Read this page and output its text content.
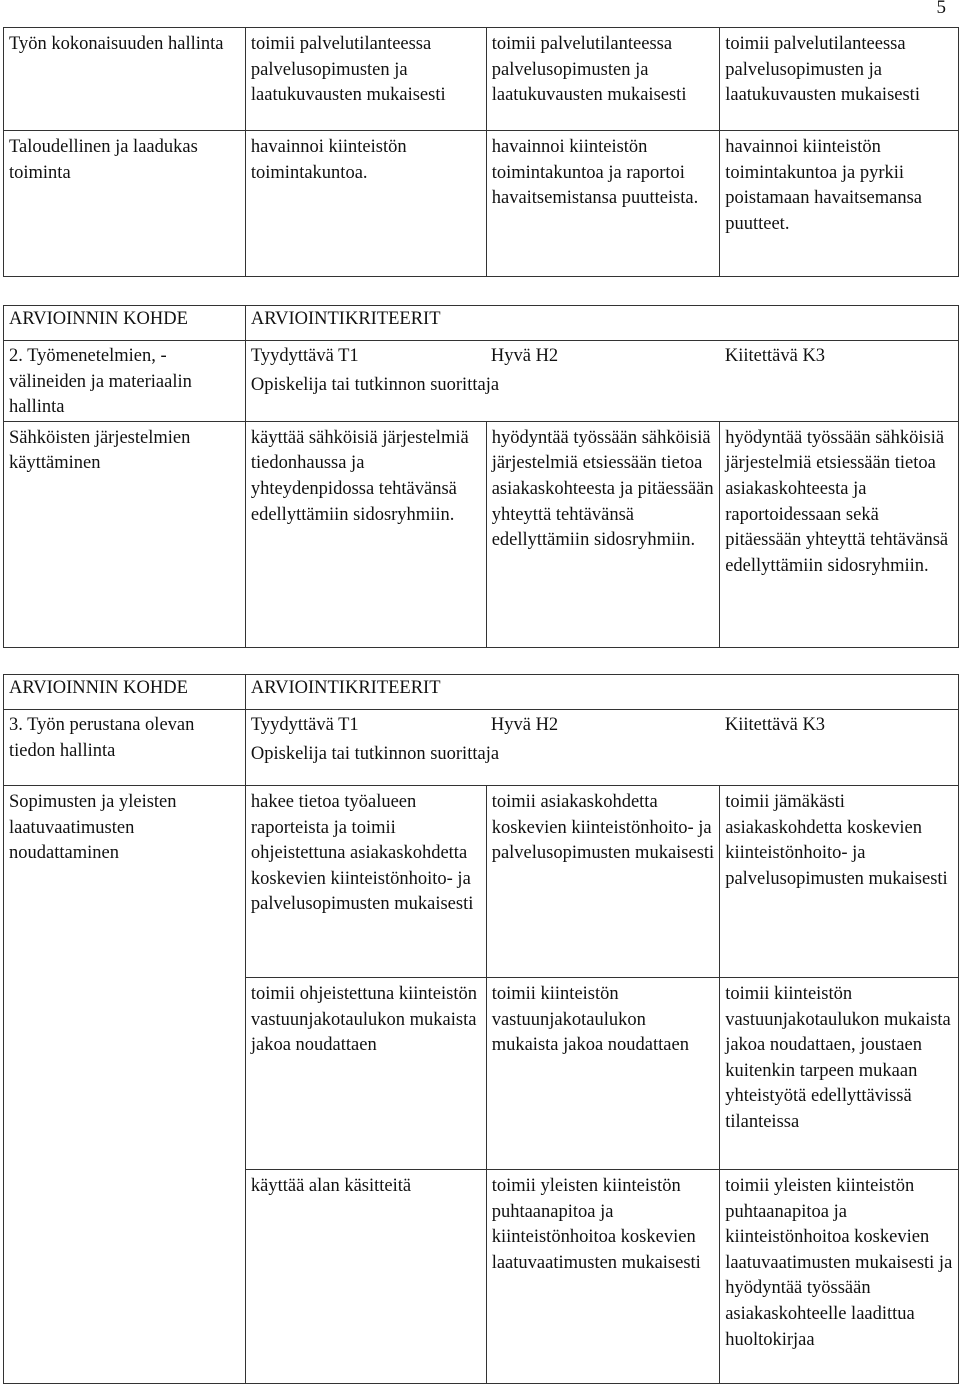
5
Työn kokonaisuuden hallinta	toimii palvelutilanteessa palvelusopimusten ja laatukuvausten mukaisesti	toimii palvelutilanteessa palvelusopimusten ja laatukuvausten mukaisesti	toimii palvelutilanteessa palvelusopimusten ja laatukuvausten mukaisesti
Taloudellinen ja laadukas toiminta	havainnoi kiinteistön toimintakuntoa.	havainnoi kiinteistön toimintakuntoa ja raportoi havaitsemistansa puutteista.	havainnoi kiinteistön toimintakuntoa ja pyrkii poistamaan havaitsemansa puutteet.
ARVIOINNIN KOHDE	ARVIOINTIKRITEERIT		
2. Työmenetelmien, -välineiden ja materiaalin hallinta	Tyydyttävä T1 Hyvä H2 Kiitettävä K3
Opiskelija tai tutkinnon suorittaja		

Sähköisten järjestelmien käyttäminen	käyttää sähköisiä järjestelmiä tiedonhaussa ja yhteydenpidossa tehtävänsä edellyttämiin sidosryhmiin.	hyödyntää työssään sähköisiä järjestelmiä etsiessään tietoa asiakaskohteesta ja pitäessään yhteyttä tehtävänsä edellyttämiin sidosryhmiin.	hyödyntää työssään sähköisiä järjestelmiä etsiessään tietoa asiakaskohteesta ja raportoidessaan sekä pitäessään yhteyttä tehtävänsä edellyttämiin sidosryhmiin.
ARVIOINNIN KOHDE	ARVIOINTIKRITEERIT		
3. Työn perustana olevan tiedon hallinta	Tyydyttävä T1 Hyvä H2 Kiitettävä K3
Opiskelija tai tutkinnon suorittaja		

Sopimusten ja yleisten laatuvaatimusten noudattaminen	hakee tietoa työalueen raporteista ja toimii ohjeistettuna asiakaskohdetta koskevien kiinteistönhoito- ja palvelusopimusten mukaisesti	toimii asiakaskohdetta koskevien kiinteistönhoito- ja palvelusopimusten mukaisesti	toimii jämäkästi asiakaskohdetta koskevien kiinteistönhoito- ja palvelusopimusten mukaisesti
	toimii ohjeistettuna kiinteistön vastuunjakotaulukon mukaista jakoa noudattaen	toimii kiinteistön vastuunjakotaulukon mukaista jakoa noudattaen	toimii kiinteistön vastuunjakotaulukon mukaista jakoa noudattaen, joustaen kuitenkin tarpeen mukaan yhteistyötä edellyttävissä tilanteissa
	käyttää alan käsitteitä	toimii yleisten kiinteistön puhtaanapitoa ja kiinteistönhoitoa koskevien laatuvaatimusten mukaisesti	toimii yleisten kiinteistön puhtaanapitoa ja kiinteistönhoitoa koskevien laatuvaatimusten mukaisesti ja hyödyntää työssään asiakaskohteelle laadittua huoltokirjaa
